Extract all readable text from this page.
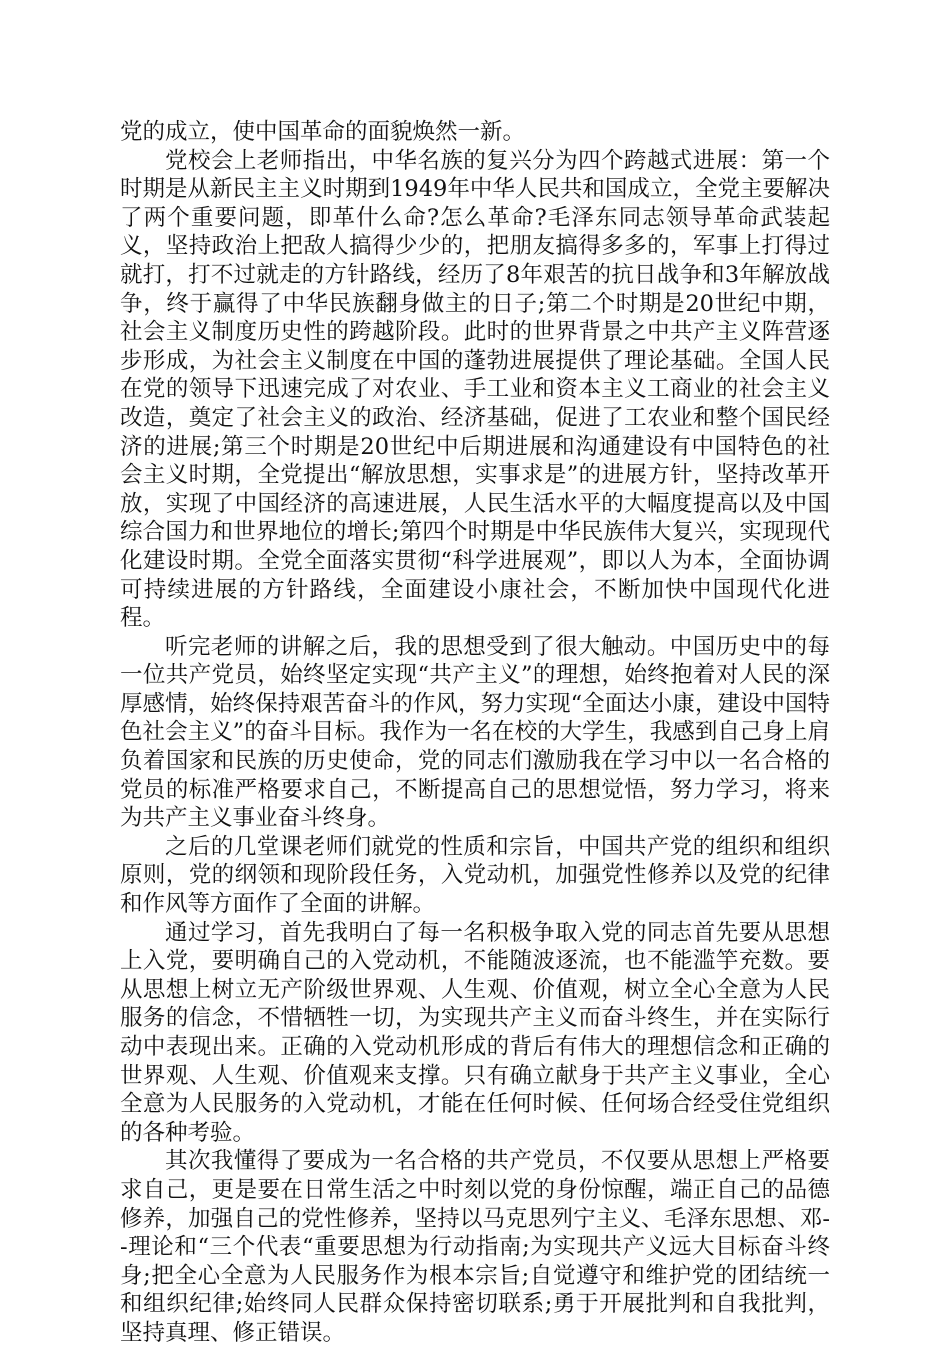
党的成立，使中国革命的面貌焕然一新。

党校会上老师指出，中华名族的复兴分为四个跨越式进展：第一个时期是从新民主主义时期到1949年中华人民共和国成立，全党主要解决了两个重要问题，即革什么命?怎么革命?毛泽东同志领导革命武装起义，坚持政治上把敌人搞得少少的，把朋友搞得多多的，军事上打得过就打，打不过就走的方针路线，经历了8年艰苦的抗日战争和3年解放战争，终于赢得了中华民族翻身做主的日子;第二个时期是20世纪中期，社会主义制度历史性的跨越阶段。此时的世界背景之中共产主义阵营逐步形成，为社会主义制度在中国的蓬勃进展提供了理论基础。全国人民在党的领导下迅速完成了对农业、手工业和资本主义工商业的社会主义改造，奠定了社会主义的政治、经济基础，促进了工农业和整个国民经济的进展;第三个时期是20世纪中后期进展和沟通建设有中国特色的社会主义时期，全党提出“解放思想，实事求是”的进展方针，坚持改革开放，实现了中国经济的高速进展，人民生活水平的大幅度提高以及中国综合国力和世界地位的增长;第四个时期是中华民族伟大复兴，实现现代化建设时期。全党全面落实贯彻“科学进展观”，即以人为本，全面协调可持续进展的方针路线，全面建设小康社会，不断加快中国现代化进程。

听完老师的讲解之后，我的思想受到了很大触动。中国历史中的每一位共产党员，始终坚定实现“共产主义”的理想，始终抱着对人民的深厚感情，始终保持艰苦奋斗的作风，努力实现“全面达小康，建设中国特色社会主义”的奋斗目标。我作为一名在校的大学生，我感到自己身上肩负着国家和民族的历史使命，党的同志们激励我在学习中以一名合格的党员的标准严格要求自己，不断提高自己的思想觉悟，努力学习，将来为共产主义事业奋斗终身。

之后的几堂课老师们就党的性质和宗旨，中国共产党的组织和组织原则，党的纲领和现阶段任务，入党动机，加强党性修养以及党的纪律和作风等方面作了全面的讲解。

通过学习，首先我明白了每一名积极争取入党的同志首先要从思想上入党，要明确自己的入党动机，不能随波逐流，也不能滥竽充数。要从思想上树立无产阶级世界观、人生观、价值观，树立全心全意为人民服务的信念，不惜牺牲一切，为实现共产主义而奋斗终生，并在实际行动中表现出来。正确的入党动机形成的背后有伟大的理想信念和正确的世界观、人生观、价值观来支撑。只有确立献身于共产主义事业，全心全意为人民服务的入党动机，才能在任何时候、任何场合经受住党组织的各种考验。

其次我懂得了要成为一名合格的共产党员，不仅要从思想上严格要求自己，更是要在日常生活之中时刻以党的身份惊醒，端正自己的品德修养，加强自己的党性修养，坚持以马克思列宁主义、毛泽东思想、邓--理论和“三个代表“重要思想为行动指南;为实现共产义远大目标奋斗终身;把全心全意为人民服务作为根本宗旨;自觉遵守和维护党的团结统一和组织纪律;始终同人民群众保持密切联系;勇于开展批判和自我批判，坚持真理、修正错误。
